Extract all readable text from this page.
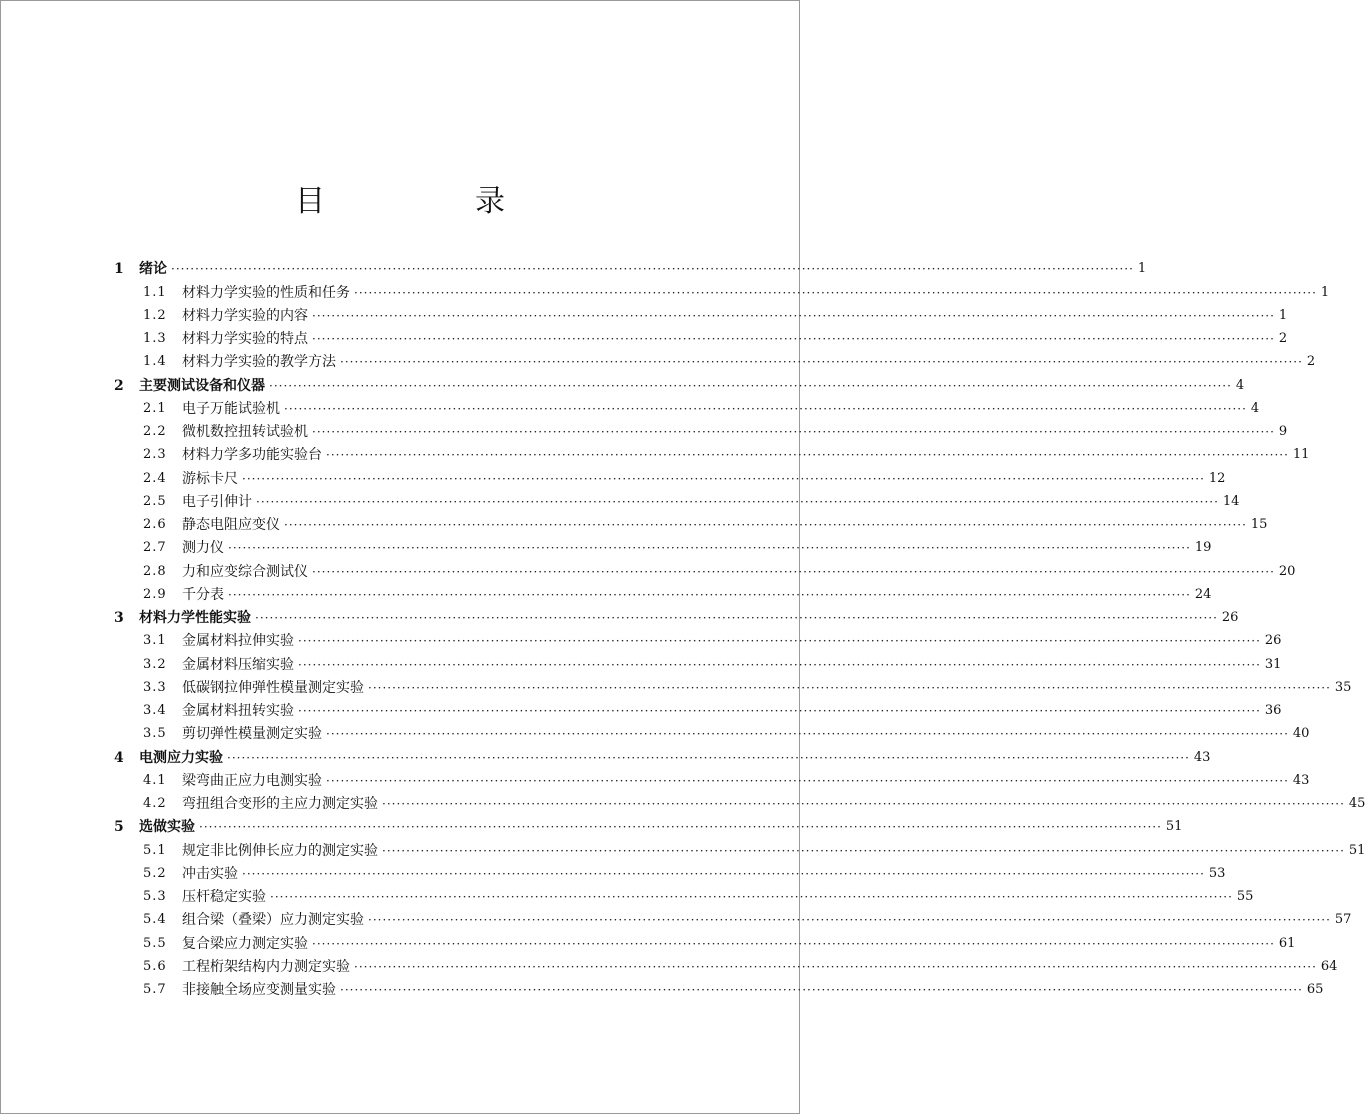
目　录
1	绪论 ········································································································································································································ 1
1.1	材料力学实验的性质和任务 ········································································································································································································ 1
1.2	材料力学实验的内容 ········································································································································································································ 1
1.3	材料力学实验的特点 ········································································································································································································ 2
1.4	材料力学实验的教学方法 ········································································································································································································ 2
2	主要测试设备和仪器 ········································································································································································································ 4
2.1	电子万能试验机 ········································································································································································································ 4
2.2	微机数控扭转试验机 ········································································································································································································ 9
2.3	材料力学多功能实验台 ········································································································································································································ 11
2.4	游标卡尺 ········································································································································································································ 12
2.5	电子引伸计 ········································································································································································································ 14
2.6	静态电阻应变仪 ········································································································································································································ 15
2.7	测力仪 ········································································································································································································ 19
2.8	力和应变综合测试仪 ········································································································································································································ 20
2.9	千分表 ········································································································································································································ 24
3	材料力学性能实验 ········································································································································································································ 26
3.1	金属材料拉伸实验 ········································································································································································································ 26
3.2	金属材料压缩实验 ········································································································································································································ 31
3.3	低碳钢拉伸弹性模量测定实验 ········································································································································································································ 35
3.4	金属材料扭转实验 ········································································································································································································ 36
3.5	剪切弹性模量测定实验 ········································································································································································································ 40
4	电测应力实验 ········································································································································································································ 43
4.1	梁弯曲正应力电测实验 ········································································································································································································ 43
4.2	弯扭组合变形的主应力测定实验 ········································································································································································································ 45
5	选做实验 ········································································································································································································ 51
5.1	规定非比例伸长应力的测定实验 ········································································································································································································ 51
5.2	冲击实验 ········································································································································································································ 53
5.3	压杆稳定实验 ········································································································································································································ 55
5.4	组合梁（叠梁）应力测定实验 ········································································································································································································ 57
5.5	复合梁应力测定实验 ········································································································································································································ 61
5.6	工程桁架结构内力测定实验 ········································································································································································································ 64
5.7	非接触全场应变测量实验 ········································································································································································································ 65
